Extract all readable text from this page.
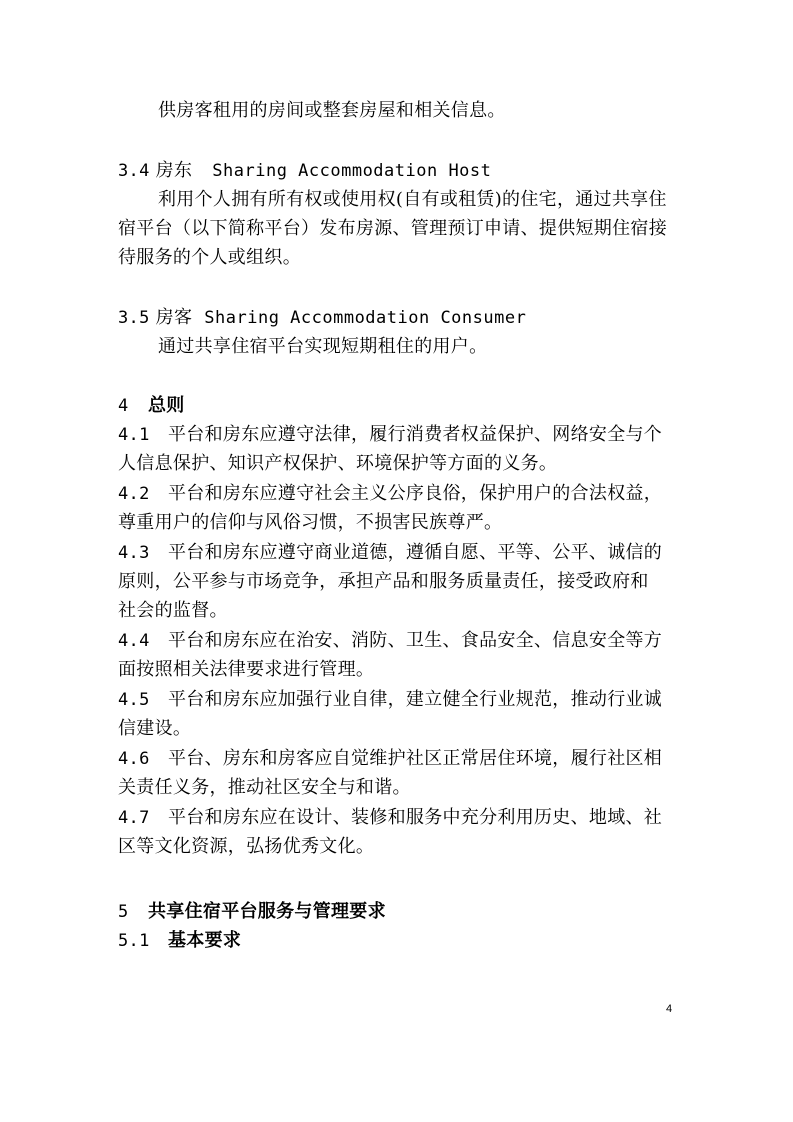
供房客租用的房间或整套房屋和相关信息。
3.4 房东 Sharing Accommodation Host
利用个人拥有所有权或使用权(自有或租赁)的住宅，通过共享住
宿平台（以下简称平台）发布房源、管理预订申请、提供短期住宿接
待服务的个人或组织。
3.5 房客 Sharing Accommodation Consumer
通过共享住宿平台实现短期租住的用户。
4 总则
4.1 平台和房东应遵守法律，履行消费者权益保护、网络安全与个
人信息保护、知识产权保护、环境保护等方面的义务。
4.2 平台和房东应遵守社会主义公序良俗，保护用户的合法权益，
尊重用户的信仰与风俗习惯，不损害民族尊严。
4.3 平台和房东应遵守商业道德，遵循自愿、平等、公平、诚信的
原则，公平参与市场竞争，承担产品和服务质量责任，接受政府和
社会的监督。
4.4 平台和房东应在治安、消防、卫生、食品安全、信息安全等方
面按照相关法律要求进行管理。
4.5 平台和房东应加强行业自律，建立健全行业规范，推动行业诚
信建设。
4.6 平台、房东和房客应自觉维护社区正常居住环境，履行社区相
关责任义务，推动社区安全与和谐。
4.7 平台和房东应在设计、装修和服务中充分利用历史、地域、社
区等文化资源，弘扬优秀文化。
5 共享住宿平台服务与管理要求
5.1 基本要求
4
